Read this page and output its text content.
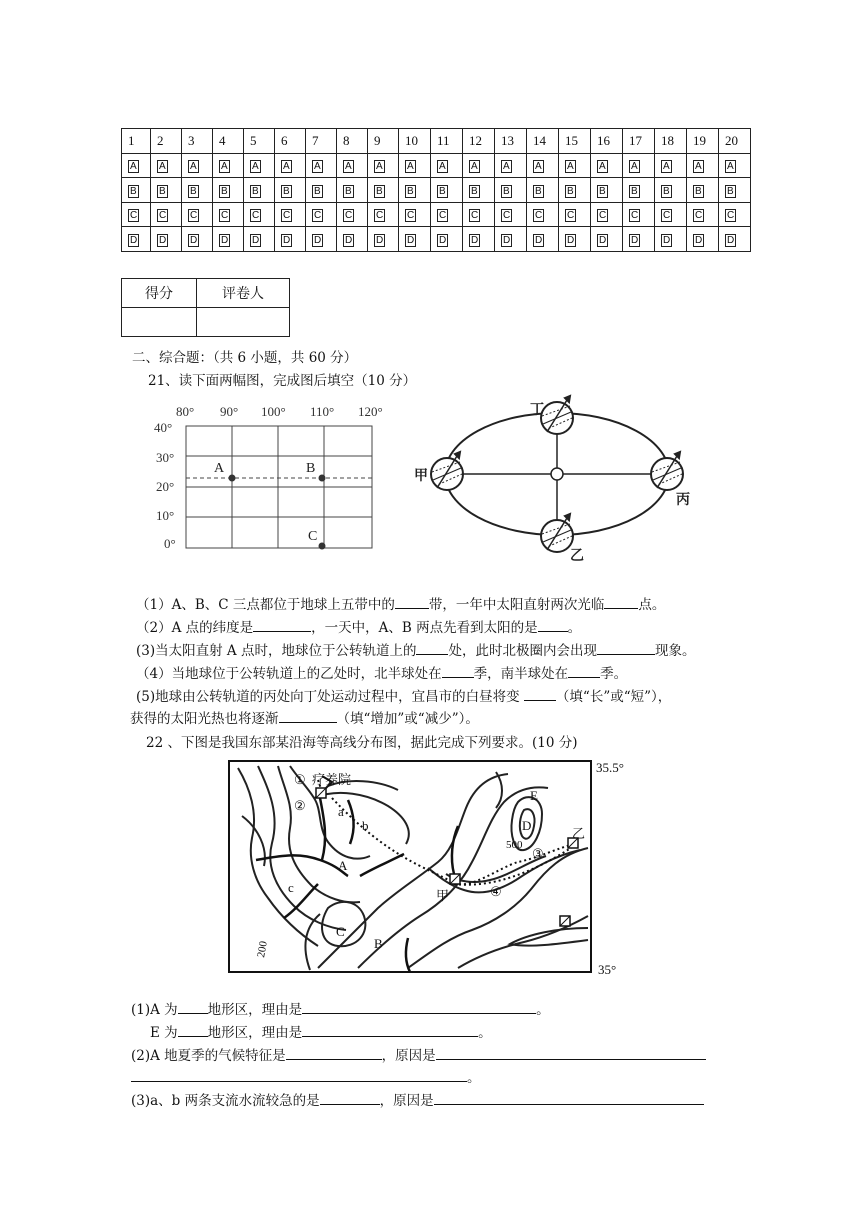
1	2	3	4	5	6	7	8	9	10	11	12	13	14	15	16	17	18	19	20
A	A	A	A	A	A	A	A	A	A	A	A	A	A	A	A	A	A	A	A
B	B	B	B	B	B	B	B	B	B	B	B	B	B	B	B	B	B	B	B
C	C	C	C	C	C	C	C	C	C	C	C	C	C	C	C	C	C	C	C
D	D	D	D	D	D	D	D	D	D	D	D	D	D	D	D	D	D	D	D
得分	评卷人

二、综合题：（共 6 小题，共 60 分）
21、读下面两幅图，完成图后填空（10 分）
80° 90° 100° 110° 120°
40°
30°
20°
10°
0°
A	B
C
丁
甲
丙
乙
（1）A、B、C 三点都位于地球上五带中的	带，一年中太阳直射两次光临	点。
（2）A 点的纬度是	，一天中，A、B 两点先看到太阳的是 。
(3)当太阳直射 A 点时，地球位于公转轨道上的 处，此时北极圈内会出现	现象。
（4）当地球位于公转轨道上的乙处时，北半球处在 季，南半球处在 季。
(5)地球由公转轨道的丙处向丁处运动过程中，宜昌市的白昼将变	（填“长”或“短”），
获得的太阳光热也将逐渐	（填“增加”或“减少”）。
22 、下图是我国东部某沿海等高线分布图，据此完成下列要求。(10 分)
① 疗养院
② a
b
A
B
C
D
E
甲
乙
③
④
c
500
200
35.5°
35°
(1)A 为 地形区，理由是	。
E 为 地形区，理由是	。
(2)A 地夏季的气候特征是	，原因是
。
(3)a、b 两条支流水流较急的是	，原因是
